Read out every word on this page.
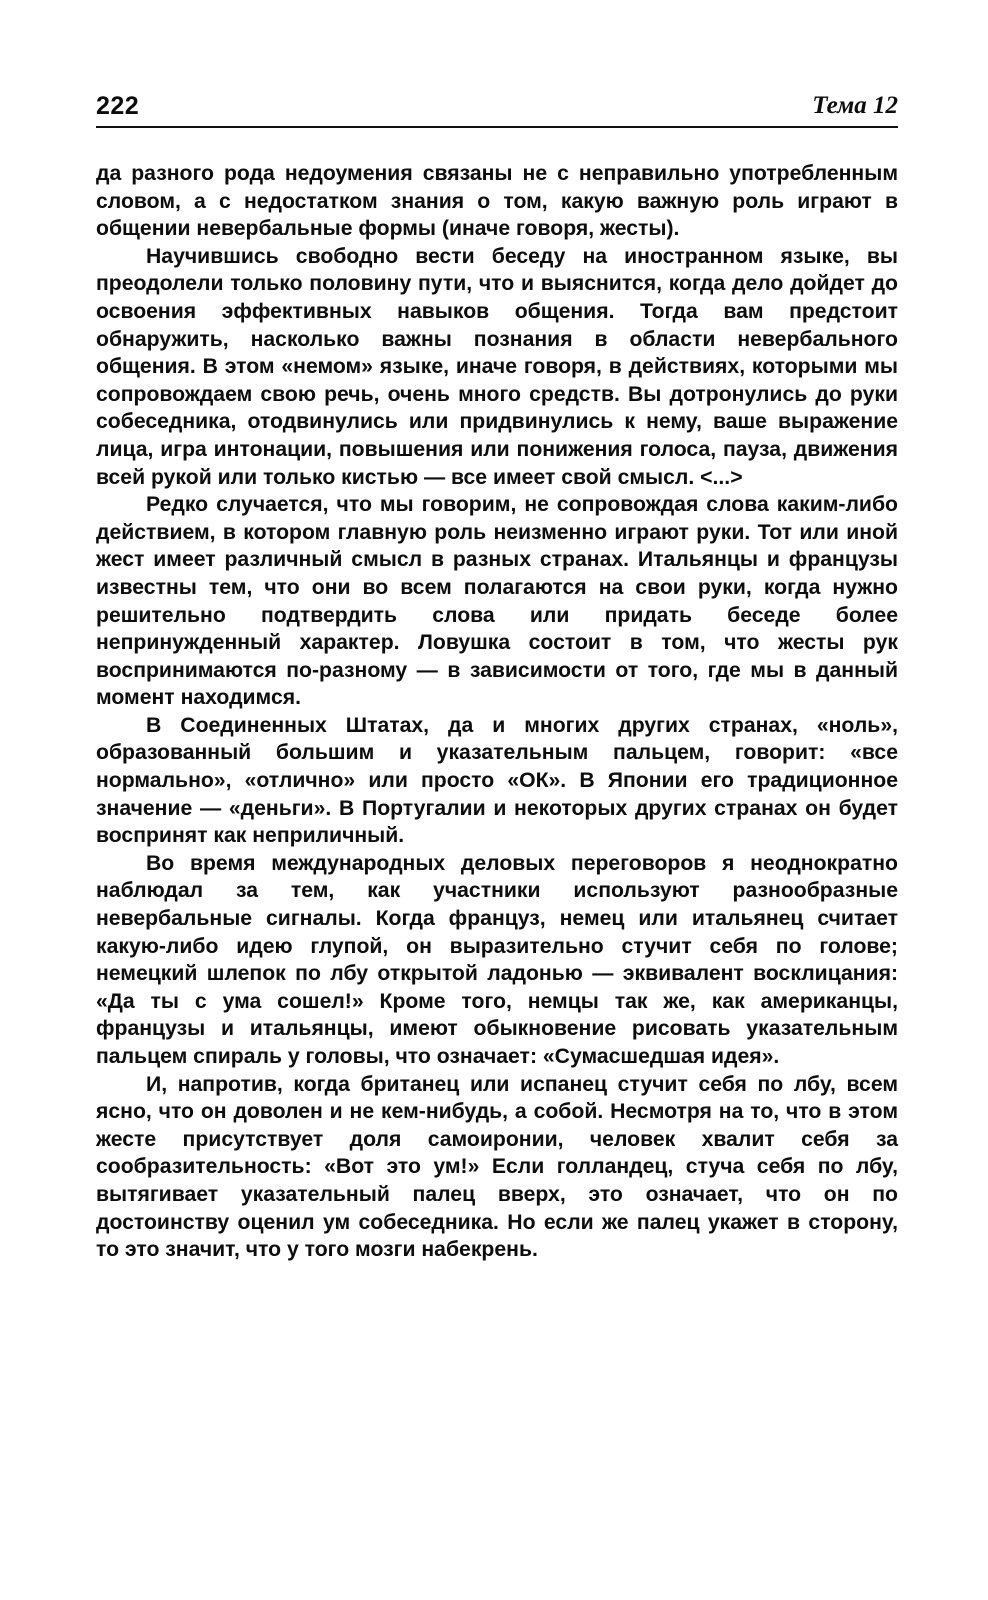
222	Тема 12

да разного рода недоумения связаны не с неправильно употребленным словом, а с недостатком знания о том, какую важную роль играют в общении невербальные формы (иначе говоря, жесты).

Научившись свободно вести беседу на иностранном языке, вы преодолели только половину пути, что и выяснится, когда дело дойдет до освоения эффективных навыков общения. Тогда вам предстоит обнаружить, насколько важны познания в области невербального общения. В этом «немом» языке, иначе говоря, в действиях, которыми мы сопровождаем свою речь, очень много средств. Вы дотронулись до руки собеседника, отодвинулись или придвинулись к нему, ваше выражение лица, игра интонации, повышения или понижения голоса, пауза, движения всей рукой или только кистью — все имеет свой смысл. <...>

Редко случается, что мы говорим, не сопровождая слова каким-либо действием, в котором главную роль неизменно играют руки. Тот или иной жест имеет различный смысл в разных странах. Итальянцы и французы известны тем, что они во всем полагаются на свои руки, когда нужно решительно подтвердить слова или придать беседе более непринужденный характер. Ловушка состоит в том, что жесты рук воспринимаются по-разному — в зависимости от того, где мы в данный момент находимся.

В Соединенных Штатах, да и многих других странах, «ноль», образованный большим и указательным пальцем, говорит: «все нормально», «отлично» или просто «ОК». В Японии его традиционное значение — «деньги». В Португалии и некоторых других странах он будет воспринят как неприличный.

Во время международных деловых переговоров я неоднократно наблюдал за тем, как участники используют разнообразные невербальные сигналы. Когда француз, немец или итальянец считает какую-либо идею глупой, он выразительно стучит себя по голове; немецкий шлепок по лбу открытой ладонью — эквивалент восклицания: «Да ты с ума сошел!» Кроме того, немцы так же, как американцы, французы и итальянцы, имеют обыкновение рисовать указательным пальцем спираль у головы, что означает: «Сумасшедшая идея».

И, напротив, когда британец или испанец стучит себя по лбу, всем ясно, что он доволен и не кем-нибудь, а собой. Несмотря на то, что в этом жесте присутствует доля самоиронии, человек хвалит себя за сообразительность: «Вот это ум!» Если голландец, стуча себя по лбу, вытягивает указательный палец вверх, это означает, что он по достоинству оценил ум собеседника. Но если же палец укажет в сторону, то это значит, что у того мозги набекрень.
